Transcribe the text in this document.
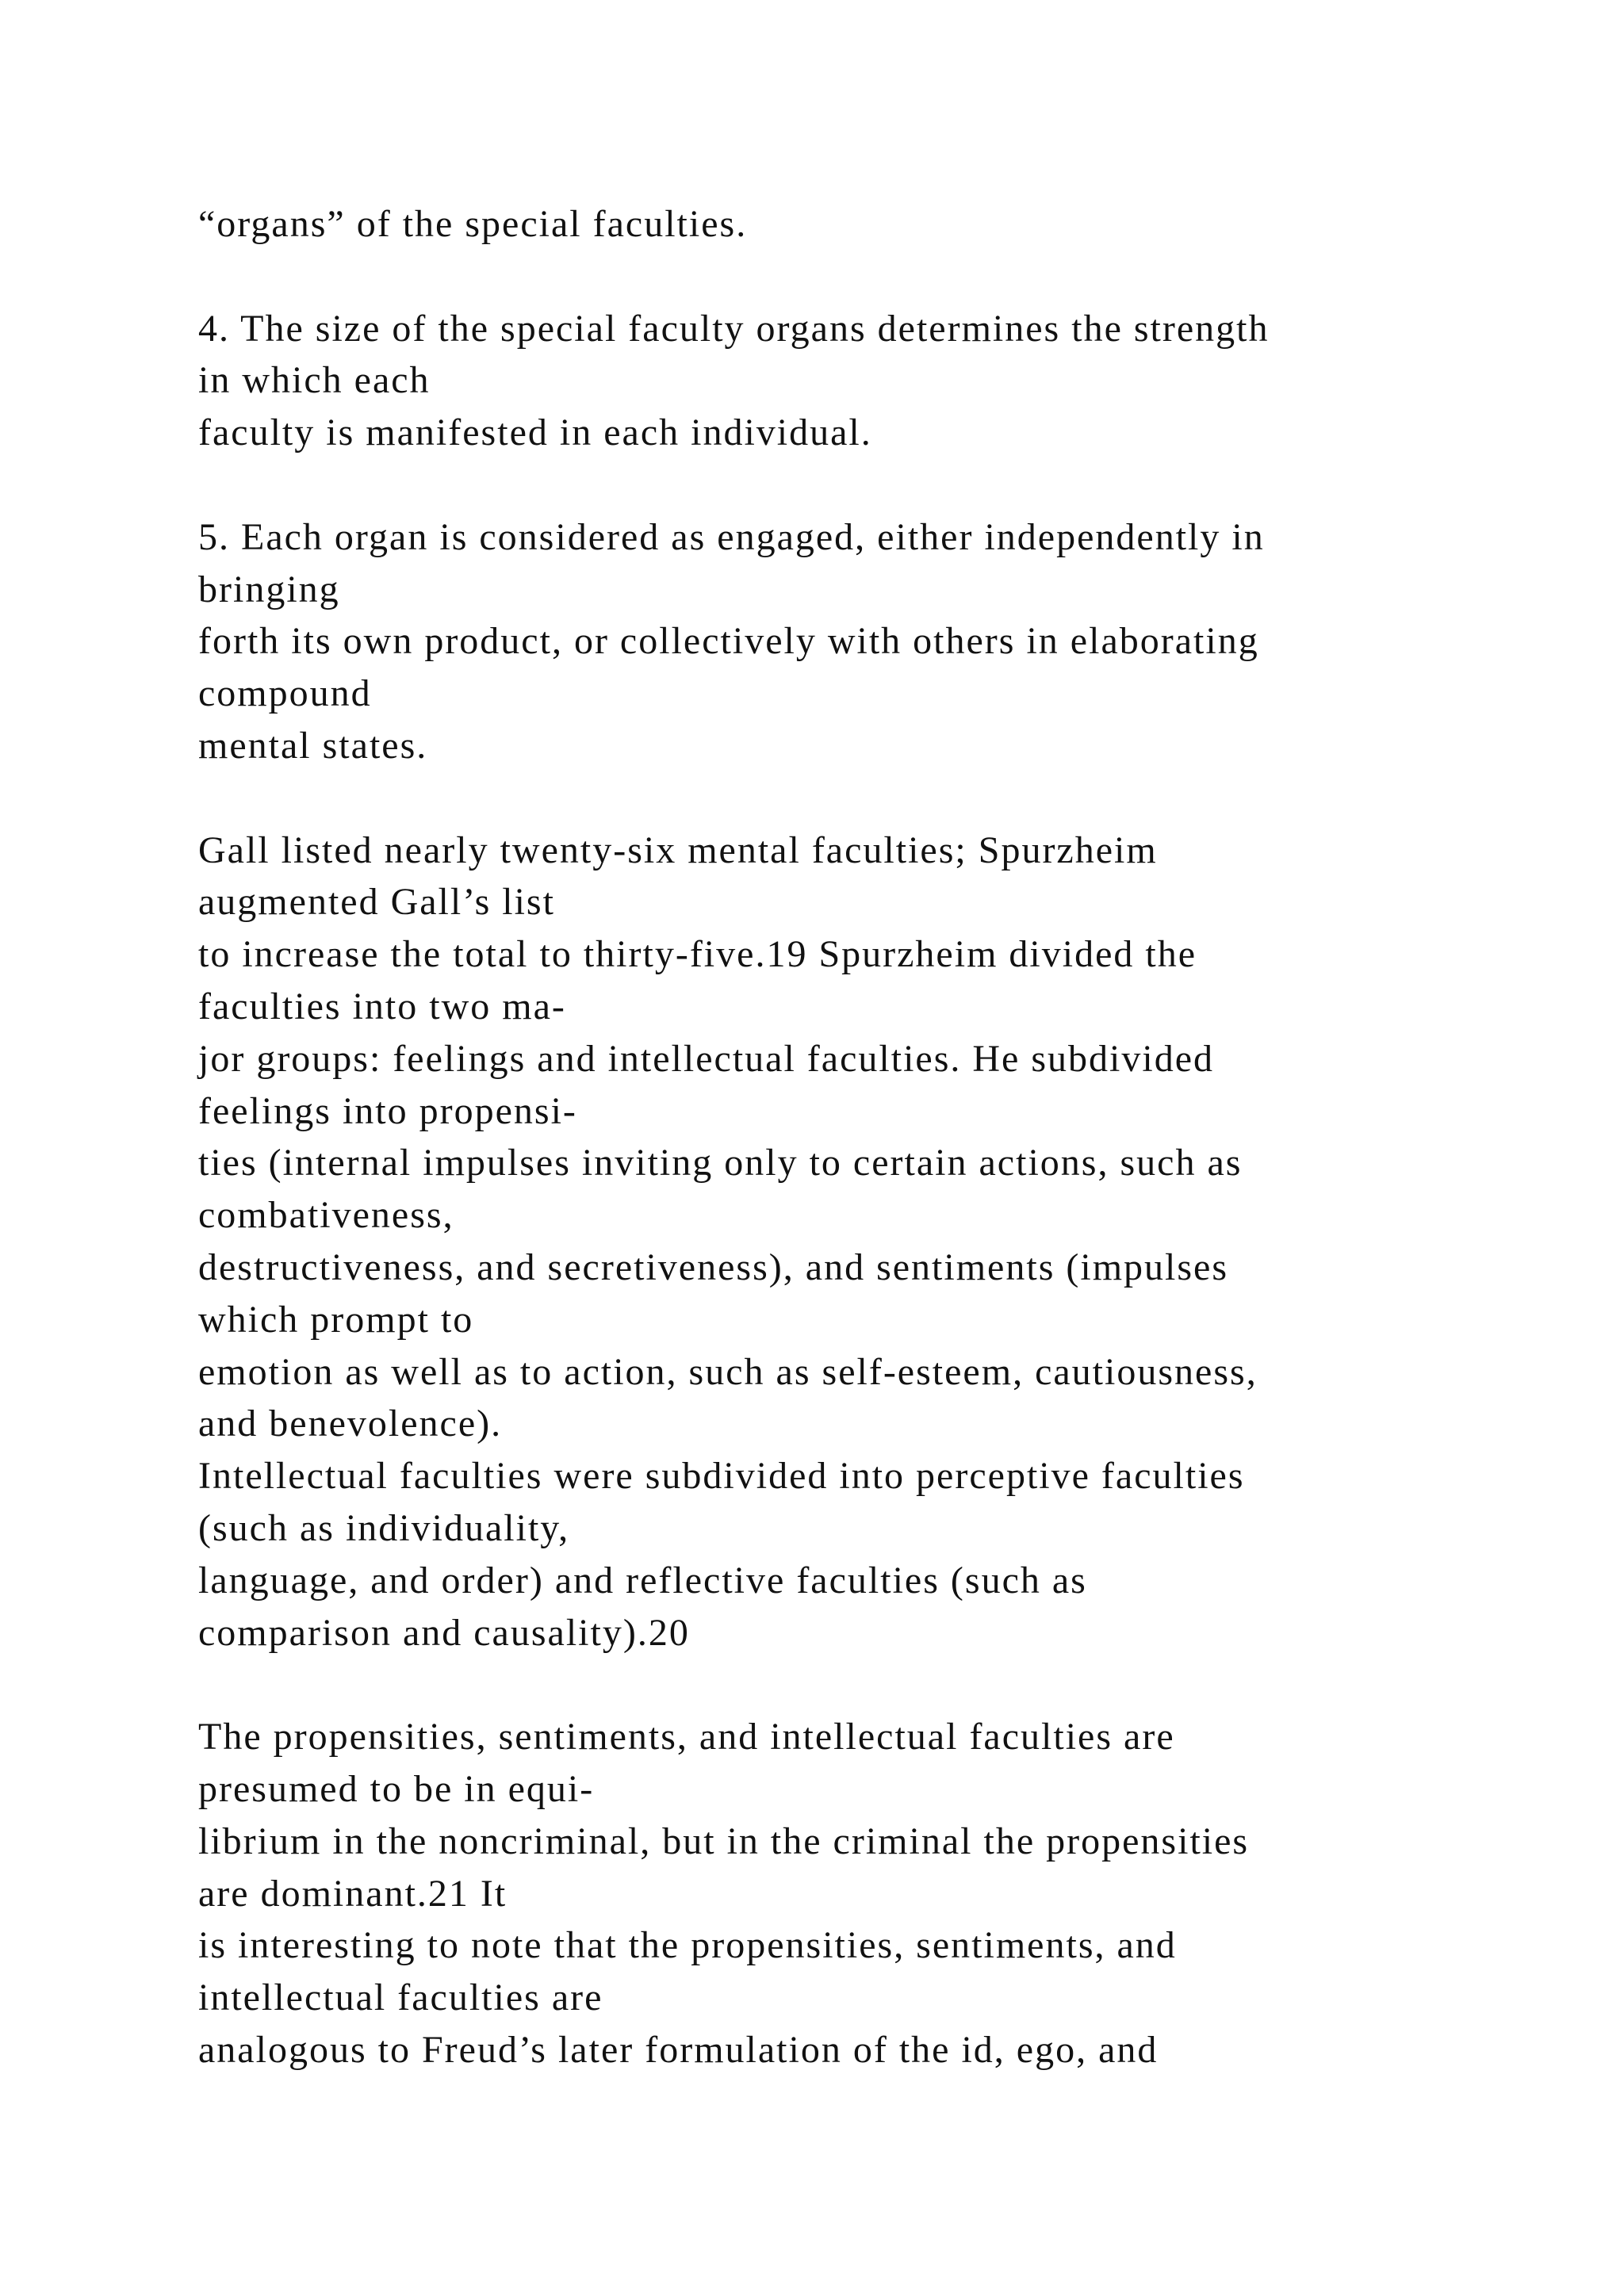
“organs” of the special faculties.
4. The size of the special faculty organs determines the strength
in which each
faculty is manifested in each individual.
5. Each organ is considered as engaged, either independently in
bringing
forth its own product, or collectively with others in elaborating
compound
mental states.
Gall listed nearly twenty-six mental faculties; Spurzheim
augmented Gall’s list
to increase the total to thirty-five.19 Spurzheim divided the
faculties into two ma-
jor groups: feelings and intellectual faculties. He subdivided
feelings into propensi-
ties (internal impulses inviting only to certain actions, such as
combativeness,
destructiveness, and secretiveness), and sentiments (impulses
which prompt to
emotion as well as to action, such as self-esteem, cautiousness,
and benevolence).
Intellectual faculties were subdivided into perceptive faculties
(such as individuality,
language, and order) and reflective faculties (such as
comparison and causality).20
The propensities, sentiments, and intellectual faculties are
presumed to be in equi-
librium in the noncriminal, but in the criminal the propensities
are dominant.21 It
is interesting to note that the propensities, sentiments, and
intellectual faculties are
analogous to Freud’s later formulation of the id, ego, and
